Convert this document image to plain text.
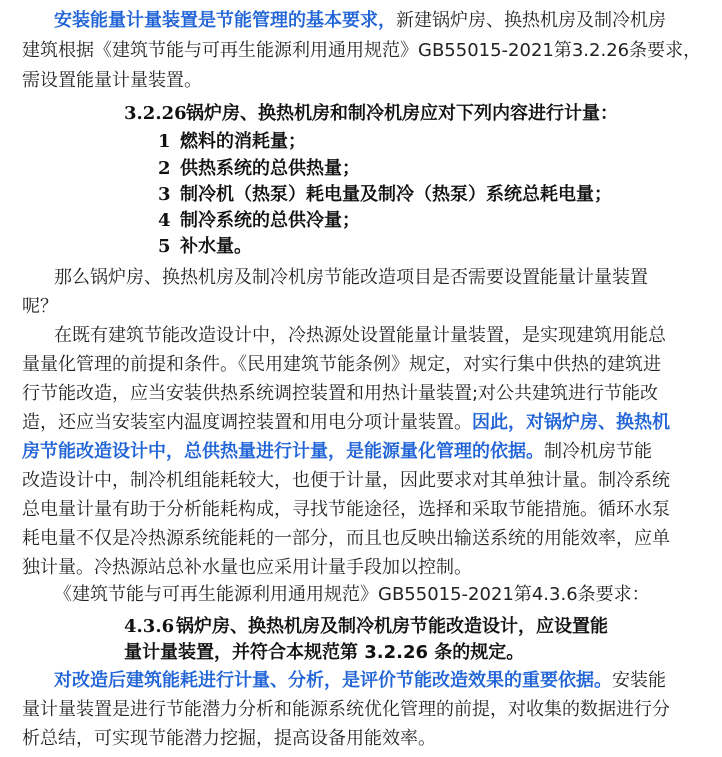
安装能量计量装置是节能管理的基本要求，新建锅炉房、换热机房及制冷机房
建筑根据《建筑节能与可再生能源利用通用规范》GB55015-2021第3.2.26条要求，
需设置能量计量装置。
3.2.26锅炉房、换热机房和制冷机房应对下列内容进行计量：
1 燃料的消耗量；
2 供热系统的总供热量；
3 制冷机（热泵）耗电量及制冷（热泵）系统总耗电量；
4 制冷系统的总供冷量；
5 补水量。
那么锅炉房、换热机房及制冷机房节能改造项目是否需要设置能量计量装置
呢？
在既有建筑节能改造设计中，冷热源处设置能量计量装置，是实现建筑用能总
量量化管理的前提和条件。《民用建筑节能条例》规定，对实行集中供热的建筑进
行节能改造，应当安装供热系统调控装置和用热计量装置;对公共建筑进行节能改
造，还应当安装室内温度调控装置和用电分项计量装置。因此，对锅炉房、换热机
房节能改造设计中，总供热量进行计量，是能源量化管理的依据。制冷机房节能
改造设计中，制冷机组能耗较大，也便于计量，因此要求对其单独计量。制冷系统
总电量计量有助于分析能耗构成，寻找节能途径，选择和采取节能措施。循环水泵
耗电量不仅是冷热源系统能耗的一部分，而且也反映出输送系统的用能效率，应单
独计量。冷热源站总补水量也应采用计量手段加以控制。
《建筑节能与可再生能源利用通用规范》GB55015-2021第4.3.6条要求：
4.3.6 锅炉房、换热机房及制冷机房节能改造设计，应设置能
量计量装置，并符合本规范第 3.2.26 条的规定。
对改造后建筑能耗进行计量、分析，是评价节能改造效果的重要依据。安装能
量计量装置是进行节能潜力分析和能源系统优化管理的前提，对收集的数据进行分
析总结，可实现节能潜力挖掘，提高设备用能效率。
